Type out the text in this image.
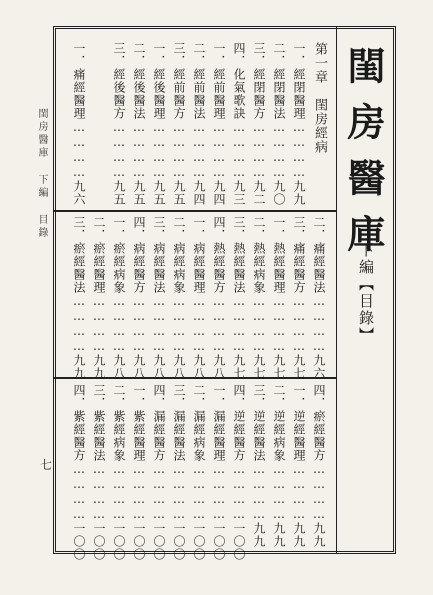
閨房醫庫
下編【目錄】
閨房醫庫 下編 目錄
七
第一章　閨房經病
一．經閉醫理…………九九
二．經閉醫法…………九〇
三．經閉醫方…………九二
四．化氣歌訣…………九三
一．經前醫理…………九四
二．經前醫法…………九四
三．經前醫方…………九五
一．經後醫理…………九五
二．經後醫法…………九五
三．經後醫方…………九五
一．痛經醫理…………九六
二．痛經醫法…………九六
三．痛經醫方…………九七
一．熱經醫理…………九七
二．熱經病象…………九七
三．熱經醫法…………九七
四．熱經醫方…………九八
一．病經醫理…………九八
二．病經病象…………九八
三．病經醫法…………九八
四．病經醫方…………九八
一．瘀經病象…………九八
二．瘀經醫理…………九九
三．瘀經醫法…………九九
四．瘀經醫方…………九九
一．逆經醫理…………九九
二．逆經病象…………九九
三．逆經醫法…………九九
四．逆經醫方…………一〇〇
一．漏經醫理…………一〇〇
二．漏經病象…………一〇〇
三．漏經醫法…………一〇〇
四．漏經醫方…………一〇〇
一．紫經醫理…………一〇〇
二．紫經病象…………一〇〇
三．紫經醫法…………一〇〇
四．紫經醫方…………一〇〇
